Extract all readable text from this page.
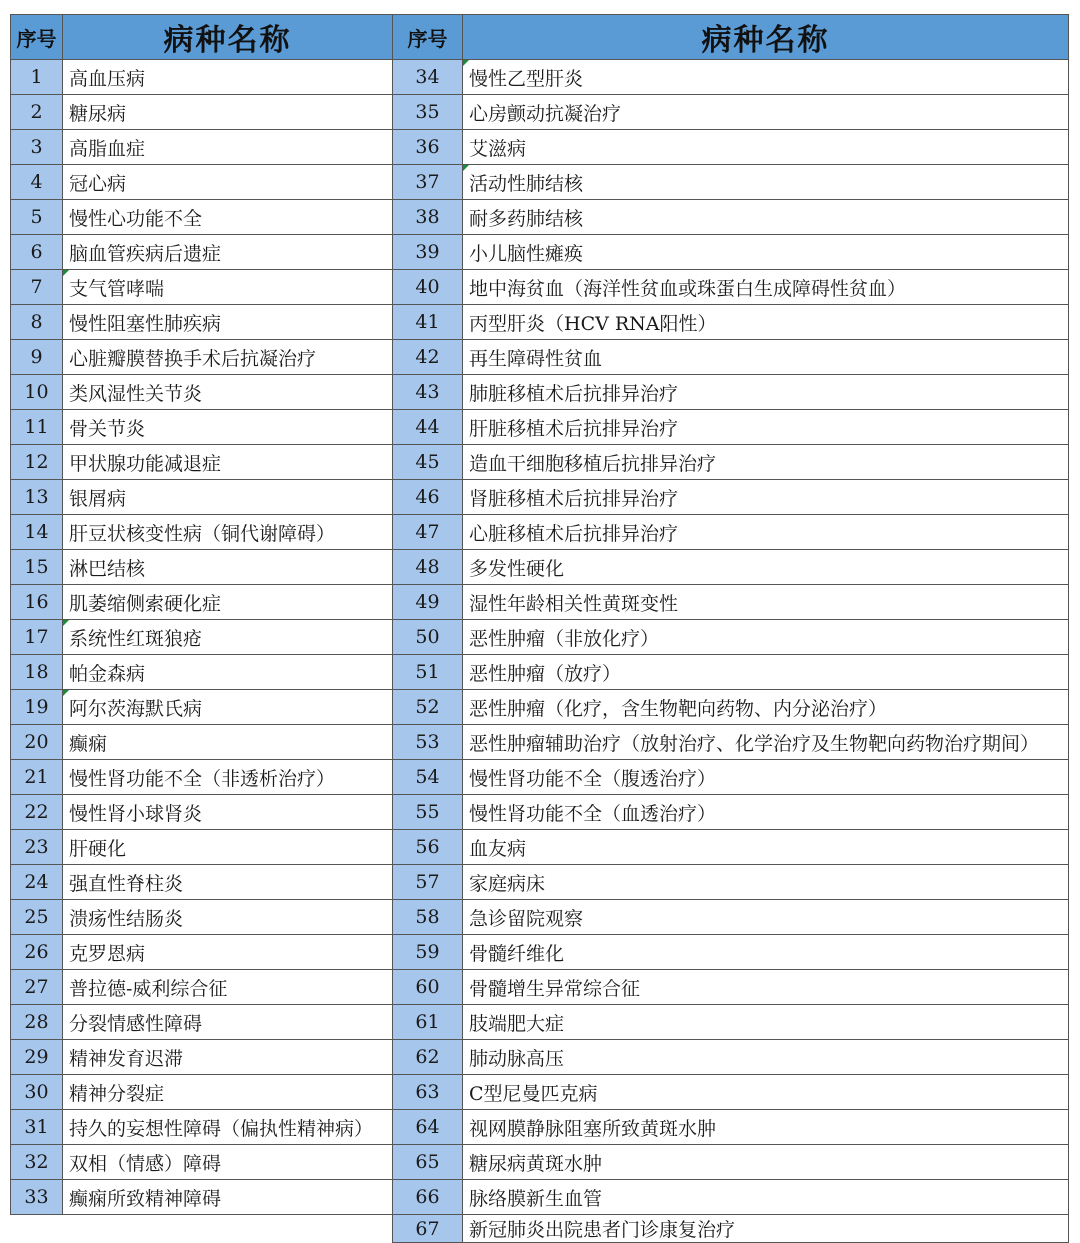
序号	病种名称	序号	病种名称
1	高血压病	34	慢性乙型肝炎
2	糖尿病	35	心房颤动抗凝治疗
3	高脂血症	36	艾滋病
4	冠心病	37	活动性肺结核
5	慢性心功能不全	38	耐多药肺结核
6	脑血管疾病后遗症	39	小儿脑性瘫痪
7	支气管哮喘	40	地中海贫血（海洋性贫血或珠蛋白生成障碍性贫血）
8	慢性阻塞性肺疾病	41	丙型肝炎（HCV RNA阳性）
9	心脏瓣膜替换手术后抗凝治疗	42	再生障碍性贫血
10	类风湿性关节炎	43	肺脏移植术后抗排异治疗
11	骨关节炎	44	肝脏移植术后抗排异治疗
12	甲状腺功能减退症	45	造血干细胞移植后抗排异治疗
13	银屑病	46	肾脏移植术后抗排异治疗
14	肝豆状核变性病（铜代谢障碍）	47	心脏移植术后抗排异治疗
15	淋巴结核	48	多发性硬化
16	肌萎缩侧索硬化症	49	湿性年龄相关性黄斑变性
17	系统性红斑狼疮	50	恶性肿瘤（非放化疗）
18	帕金森病	51	恶性肿瘤（放疗）
19	阿尔茨海默氏病	52	恶性肿瘤（化疗，含生物靶向药物、内分泌治疗）
20	癫痫	53	恶性肿瘤辅助治疗（放射治疗、化学治疗及生物靶向药物治疗期间）
21	慢性肾功能不全（非透析治疗）	54	慢性肾功能不全（腹透治疗）
22	慢性肾小球肾炎	55	慢性肾功能不全（血透治疗）
23	肝硬化	56	血友病
24	强直性脊柱炎	57	家庭病床
25	溃疡性结肠炎	58	急诊留院观察
26	克罗恩病	59	骨髓纤维化
27	普拉德-威利综合征	60	骨髓增生异常综合征
28	分裂情感性障碍	61	肢端肥大症
29	精神发育迟滞	62	肺动脉高压
30	精神分裂症	63	C型尼曼匹克病
31	持久的妄想性障碍（偏执性精神病）	64	视网膜静脉阻塞所致黄斑水肿
32	双相（情感）障碍	65	糖尿病黄斑水肿
33	癫痫所致精神障碍	66	脉络膜新生血管
		67	新冠肺炎出院患者门诊康复治疗
